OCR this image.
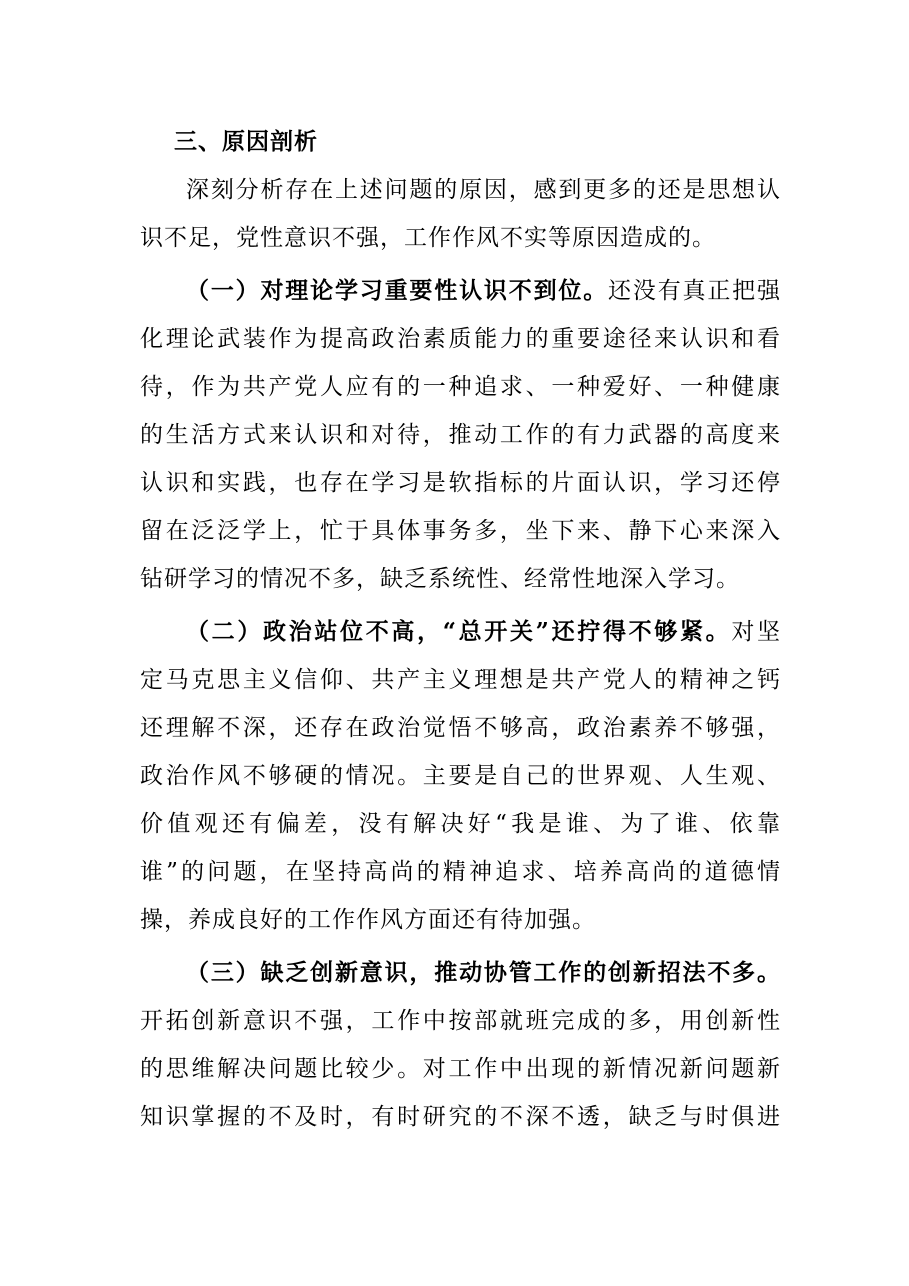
三、原因剖析
深刻分析存在上述问题的原因，感到更多的还是思想认
识不足，党性意识不强，工作作风不实等原因造成的。
（一）对理论学习重要性认识不到位。还没有真正把强
化理论武装作为提高政治素质能力的重要途径来认识和看
待，作为共产党人应有的一种追求、一种爱好、一种健康
的生活方式来认识和对待，推动工作的有力武器的高度来
认识和实践，也存在学习是软指标的片面认识，学习还停
留在泛泛学上，忙于具体事务多，坐下来、静下心来深入
钻研学习的情况不多，缺乏系统性、经常性地深入学习。
（二）政治站位不高，“总开关”还拧得不够紧。对坚
定马克思主义信仰、共产主义理想是共产党人的精神之钙
还理解不深，还存在政治觉悟不够高，政治素养不够强，
政治作风不够硬的情况。主要是自己的世界观、人生观、
价值观还有偏差，没有解决好“我是谁、为了谁、依靠
谁”的问题，在坚持高尚的精神追求、培养高尚的道德情
操，养成良好的工作作风方面还有待加强。
（三）缺乏创新意识，推动协管工作的创新招法不多。
开拓创新意识不强，工作中按部就班完成的多，用创新性
的思维解决问题比较少。对工作中出现的新情况新问题新
知识掌握的不及时，有时研究的不深不透，缺乏与时俱进
